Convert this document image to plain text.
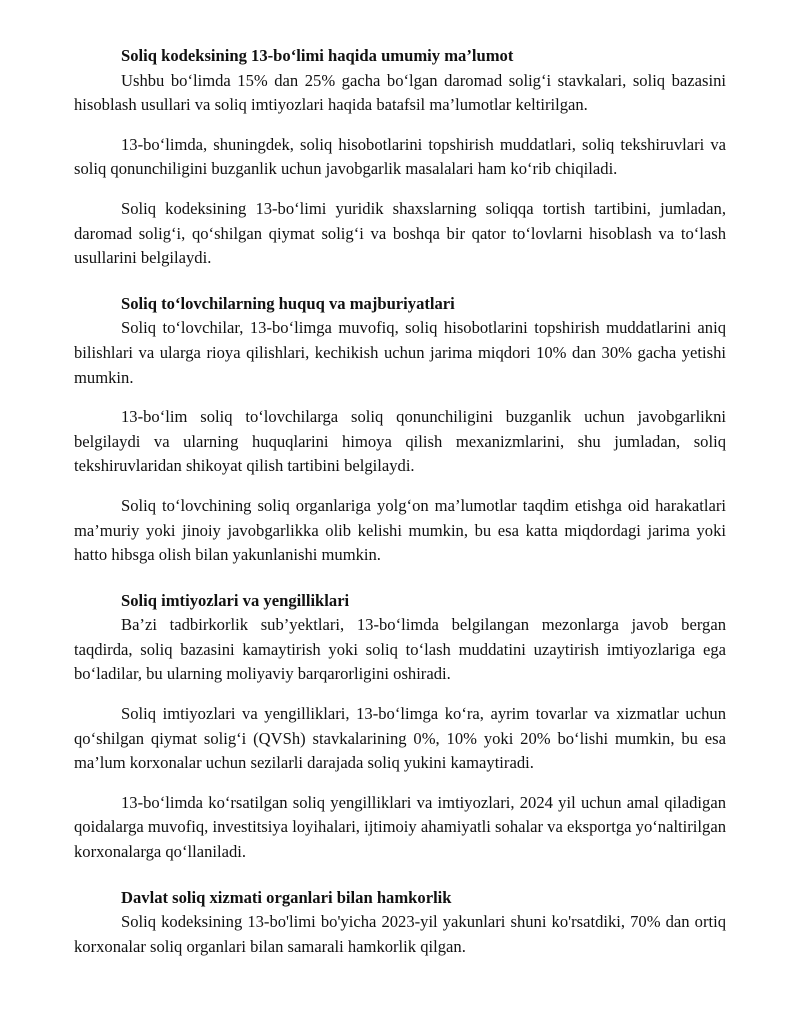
Soliq kodeksining 13-bo‘limi haqida umumiy ma’lumot

Ushbu bo‘limda 15% dan 25% gacha bo‘lgan daromad solig‘i stavkalari, soliq bazasini hisoblash usullari va soliq imtiyozlari haqida batafsil ma’lumotlar keltirilgan.

13-bo‘limda, shuningdek, soliq hisobotlarini topshirish muddatlari, soliq tekshiruvlari va soliq qonunchiligini buzganlik uchun javobgarlik masalalari ham ko‘rib chiqiladi.

Soliq kodeksining 13-bo‘limi yuridik shaxslarning soliqqa tortish tartibini, jumladan, daromad solig‘i, qo‘shilgan qiymat solig‘i va boshqa bir qator to‘lovlarni hisoblash va to‘lash usullarini belgilaydi.

Soliq to‘lovchilarning huquq va majburiyatlari

Soliq to‘lovchilar, 13-bo‘limga muvofiq, soliq hisobotlarini topshirish muddatlarini aniq bilishlari va ularga rioya qilishlari, kechikish uchun jarima miqdori 10% dan 30% gacha yetishi mumkin.

13-bo‘lim soliq to‘lovchilarga soliq qonunchiligini buzganlik uchun javobgarlikni belgilaydi va ularning huquqlarini himoya qilish mexanizmlarini, shu jumladan, soliq tekshiruvlaridan shikoyat qilish tartibini belgilaydi.

Soliq to‘lovchining soliq organlariga yolg‘on ma’lumotlar taqdim etishga oid harakatlari ma’muriy yoki jinoiy javobgarlikka olib kelishi mumkin, bu esa katta miqdordagi jarima yoki hatto hibsga olish bilan yakunlanishi mumkin.

Soliq imtiyozlari va yengilliklari

Ba’zi tadbirkorlik sub’yektlari, 13-bo‘limda belgilangan mezonlarga javob bergan taqdirda, soliq bazasini kamaytirish yoki soliq to‘lash muddatini uzaytirish imtiyozlariga ega bo‘ladilar, bu ularning moliyaviy barqarorligini oshiradi.

Soliq imtiyozlari va yengilliklari, 13-bo‘limga ko‘ra, ayrim tovarlar va xizmatlar uchun qo‘shilgan qiymat solig‘i (QVSh) stavkalarining 0%, 10% yoki 20% bo‘lishi mumkin, bu esa ma’lum korxonalar uchun sezilarli darajada soliq yukini kamaytiradi.

13-bo‘limda ko‘rsatilgan soliq yengilliklari va imtiyozlari, 2024 yil uchun amal qiladigan qoidalarga muvofiq, investitsiya loyihalari, ijtimoiy ahamiyatli sohalar va eksportga yo‘naltirilgan korxonalarga qo‘llaniladi.

Davlat soliq xizmati organlari bilan hamkorlik

Soliq kodeksining 13-bo'limi bo'yicha 2023-yil yakunlari shuni ko'rsatdiki, 70% dan ortiq korxonalar soliq organlari bilan samarali hamkorlik qilgan.
